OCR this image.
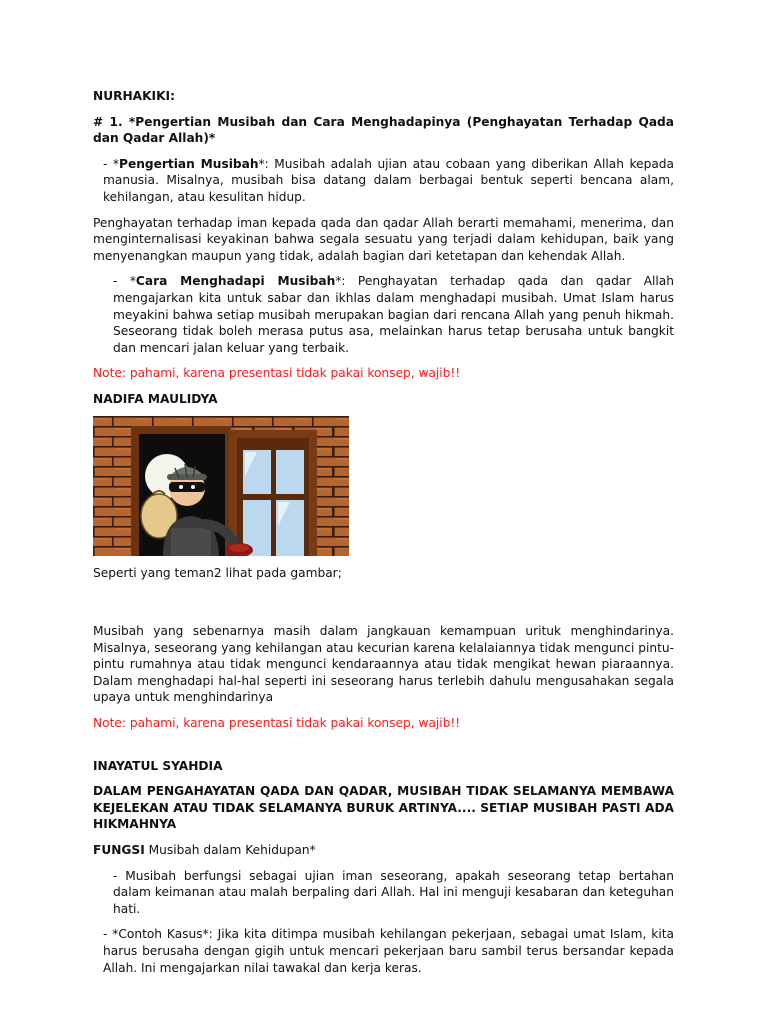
NURHAKIKI:

# 1. *Pengertian Musibah dan Cara Menghadapinya (Penghayatan Terhadap Qada dan Qadar Allah)*

- *Pengertian Musibah*: Musibah adalah ujian atau cobaan yang diberikan Allah kepada manusia. Misalnya, musibah bisa datang dalam berbagai bentuk seperti bencana alam, kehilangan, atau kesulitan hidup.

Penghayatan terhadap iman kepada qada dan qadar Allah berarti memahami, menerima, dan menginternalisasi keyakinan bahwa segala sesuatu yang terjadi dalam kehidupan, baik yang menyenangkan maupun yang tidak, adalah bagian dari ketetapan dan kehendak Allah.

- *Cara Menghadapi Musibah*: Penghayatan terhadap qada dan qadar Allah mengajarkan kita untuk sabar dan ikhlas dalam menghadapi musibah. Umat Islam harus meyakini bahwa setiap musibah merupakan bagian dari rencana Allah yang penuh hikmah. Seseorang tidak boleh merasa putus asa, melainkan harus tetap berusaha untuk bangkit dan mencari jalan keluar yang terbaik.

Note: pahami, karena presentasi tidak pakai konsep, wajib!!

NADIFA MAULIDYA

Seperti yang teman2 lihat pada gambar;

Musibah yang sebenarnya masih dalam jangkauan kemampuan urituk menghindarinya. Misalnya, seseorang yang kehilangan atau kecurian karena kelalaiannya tidak mengunci pintu-pintu rumahnya atau tidak mengunci kendaraannya atau tidak mengikat hewan piaraannya. Dalam menghadapi hal-hal seperti ini seseorang harus terlebih dahulu mengusahakan segala upaya untuk menghindarinya

Note: pahami, karena presentasi tidak pakai konsep, wajib!!

INAYATUL SYAHDIA

DALAM PENGAHAYATAN QADA DAN QADAR, MUSIBAH TIDAK SELAMANYA MEMBAWA KEJELEKAN ATAU TIDAK SELAMANYA BURUK ARTINYA.... SETIAP MUSIBAH PASTI ADA HIKMAHNYA

FUNGSI Musibah dalam Kehidupan*

- Musibah berfungsi sebagai ujian iman seseorang, apakah seseorang tetap bertahan dalam keimanan atau malah berpaling dari Allah. Hal ini menguji kesabaran dan keteguhan hati.

- *Contoh Kasus*: Jika kita ditimpa musibah kehilangan pekerjaan, sebagai umat Islam, kita harus berusaha dengan gigih untuk mencari pekerjaan baru sambil terus bersandar kepada Allah. Ini mengajarkan nilai tawakal dan kerja keras.
